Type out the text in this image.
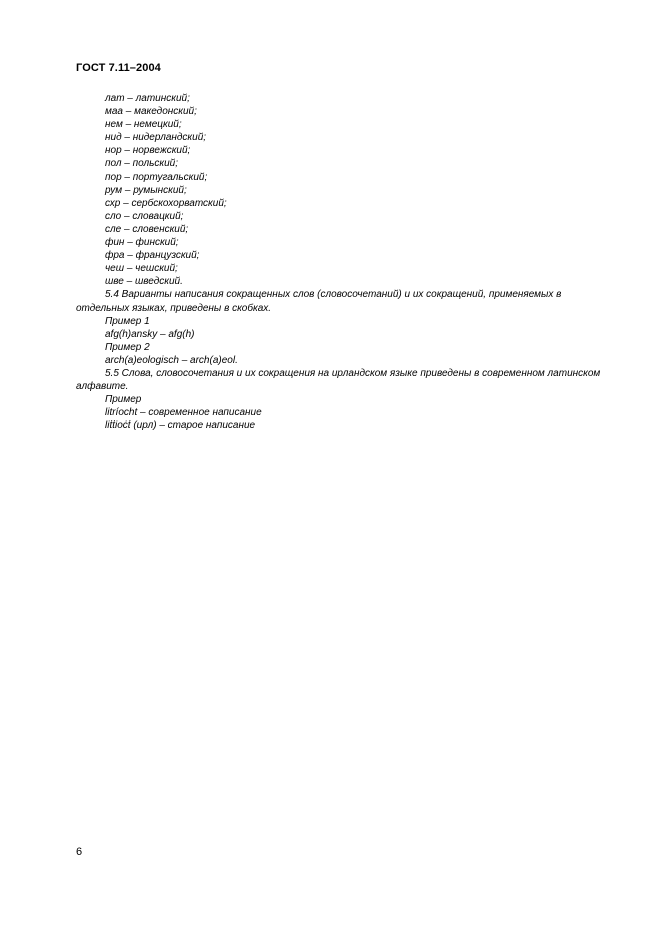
ГОСТ 7.11–2004
лат – латинский;
маа – македонский;
нем – немецкий;
нид – нидерландский;
нор – норвежский;
пол – польский;
пор – португальский;
рум – румынский;
схр – сербскохорватский;
сло – словацкий;
сле – словенский;
фин – финский;
фра – французский;
чеш – чешский;
шве – шведский.
5.4 Варианты написания сокращенных слов (словосочетаний) и их сокращений, применяемых в отдельных языках, приведены в скобках.
Пример 1
afg(h)ansky – afg(h)
Пример 2
arch(a)eologisch – arch(a)eol.
5.5 Слова, словосочетания и их сокращения на ирландском языке приведены в современном латинском алфавите.
Пример
litríocht – современное написание
liṫṫioċṫ (ирл) – старое написание
6
